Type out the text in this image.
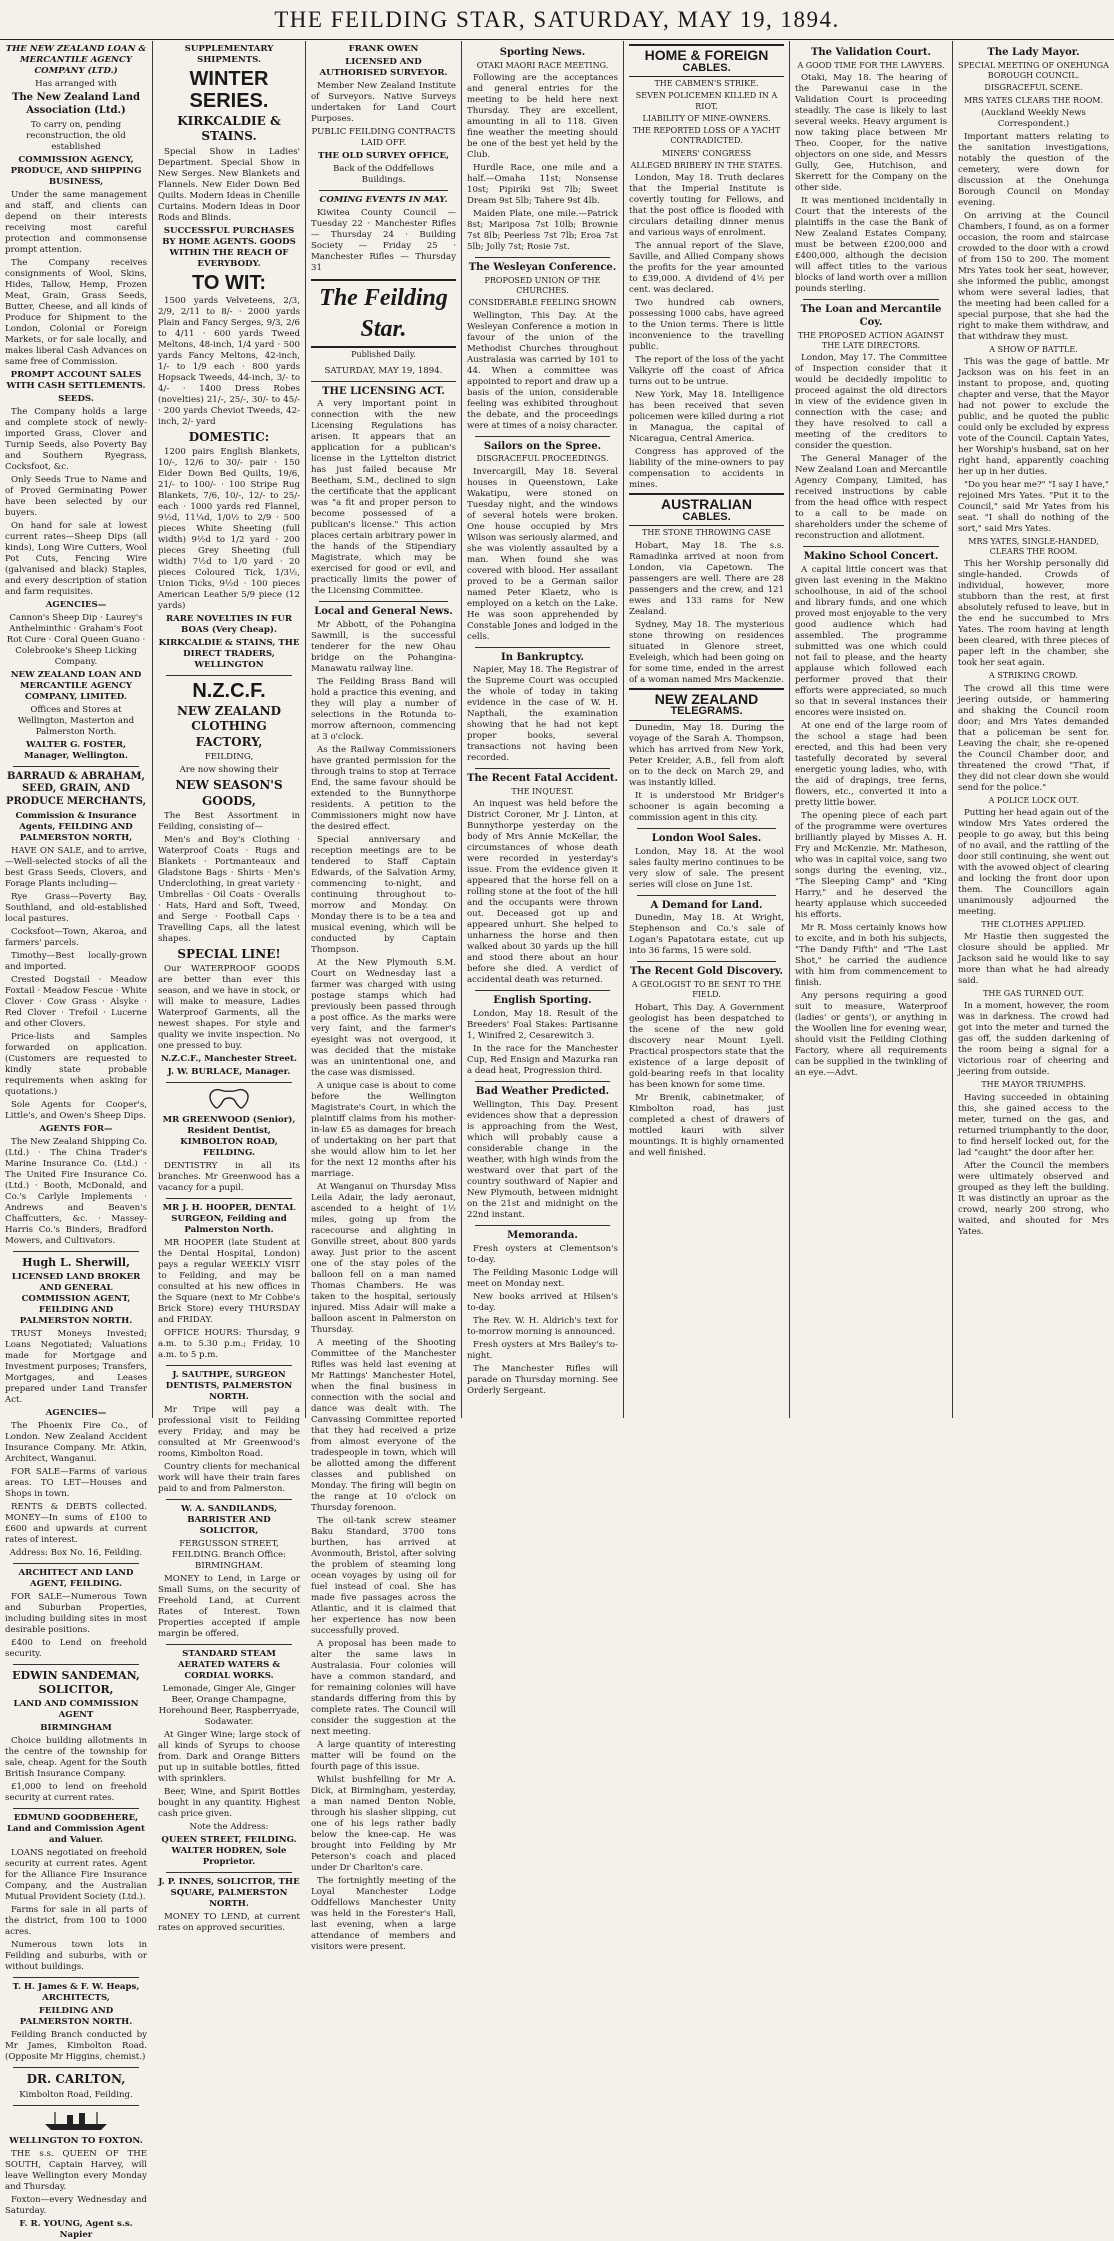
THE FEILDING STAR, SATURDAY, MAY 19, 1894.

THE NEW ZEALAND LOAN & MERCANTILE AGENCY COMPANY (LTD.)

Has arranged with

The New Zealand Land Association (Ltd.)

To carry on, pending reconstruction, the old established

COMMISSION AGENCY, PRODUCE, AND SHIPPING BUSINESS,

Under the same management and staff, and clients can depend on their interests receiving most careful protection and commonsense prompt attention.

The Company receives consignments of Wool, Skins, Hides, Tallow, Hemp, Frozen Meat, Grain, Grass Seeds, Butter, Cheese, and all kinds of Produce for Shipment to the London, Colonial or Foreign Markets, or for sale locally, and makes liberal Cash Advances on same free of Commission.

PROMPT ACCOUNT SALES WITH CASH SETTLEMENTS.

SEEDS.

The Company holds a large and complete stock of newly-imported Grass, Clover and Turnip Seeds, also Poverty Bay and Southern Ryegrass, Cocksfoot, &c.

Only Seeds True to Name and of Proved Germinating Power have been selected by our buyers.

On hand for sale at lowest current rates—Sheep Dips (all kinds), Long Wire Cutters, Wool Pot Cuts, Fencing Wire (galvanised and black) Staples, and every description of station and farm requisites.

AGENCIES—

Cannon's Sheep Dip · Laurey's Anthelminthic · Graham's Foot Rot Cure · Coral Queen Guano · Colebrooke's Sheep Licking Company.

NEW ZEALAND LOAN AND MERCANTILE AGENCY COMPANY, LIMITED.

Offices and Stores at Wellington, Masterton and Palmerston North.

WALTER G. FOSTER, Manager, Wellington.

BARRAUD & ABRAHAM, SEED, GRAIN, AND PRODUCE MERCHANTS,

Commission & Insurance Agents, FEILDING AND PALMERSTON NORTH,

HAVE ON SALE, and to arrive,—Well-selected stocks of all the best Grass Seeds, Clovers, and Forage Plants including—

Rye Grass—Poverty Bay, Southland, and old-established local pastures.

Cocksfoot—Town, Akaroa, and farmers' parcels.

Timothy—Best locally-grown and imported.

Crested Dogstail · Meadow Foxtail · Meadow Fescue · White Clover · Cow Grass · Alsyke · Red Clover · Trefoil · Lucerne and other Clovers.

Price-lists and Samples forwarded on application. (Customers are requested to kindly state probable requirements when asking for quotations.)

Sole Agents for Cooper's, Little's, and Owen's Sheep Dips.

AGENTS FOR—

The New Zealand Shipping Co. (Ltd.) · The China Trader's Marine Insurance Co. (Ltd.) · The United Fire Insurance Co. (Ltd.) · Booth, McDonald, and Co.'s Carlyle Implements · Andrews and Beaven's Chaffcutters, &c. · Massey-Harris Co.'s Binders, Bradford Mowers, and Cultivators.

Hugh L. Sherwill,

LICENSED LAND BROKER AND GENERAL COMMISSION AGENT, FEILDING AND PALMERSTON NORTH.

TRUST Moneys Invested; Loans Negotiated; Valuations made for Mortgage and Investment purposes; Transfers, Mortgages, and Leases prepared under Land Transfer Act.

AGENCIES—

The Phoenix Fire Co., of London. New Zealand Accident Insurance Company. Mr. Atkin, Architect, Wanganui.

FOR SALE—Farms of various areas. TO LET—Houses and Shops in town.

RENTS & DEBTS collected. MONEY—In sums of £100 to £600 and upwards at current rates of interest.

Address: Box No. 16, Feilding.

ARCHITECT AND LAND AGENT, FEILDING.

FOR SALE—Numerous Town and Suburban Properties, including building sites in most desirable positions.

£400 to Lend on freehold security.

EDWIN SANDEMAN, SOLICITOR,

LAND AND COMMISSION AGENT

BIRMINGHAM

Choice building allotments in the centre of the township for sale, cheap. Agent for the South British Insurance Company.

£1,000 to lend on freehold security at current rates.

EDMUND GOODBEHERE, Land and Commission Agent and Valuer.

LOANS negotiated on freehold security at current rates. Agent for the Alliance Fire Insurance Company, and the Australian Mutual Provident Society (Ltd.).

Farms for sale in all parts of the district, from 100 to 1000 acres.

Numerous town lots in Feilding and suburbs, with or without buildings.

T. H. James & F. W. Heaps, ARCHITECTS,

FEILDING AND PALMERSTON NORTH.

Feilding Branch conducted by Mr James, Kimbolton Road. (Opposite Mr Higgins, chemist.)

DR. CARLTON,

Kimbolton Road, Feilding.

WELLINGTON TO FOXTON.

THE s.s. QUEEN OF THE SOUTH, Captain Harvey, will leave Wellington every Monday and Thursday.

Foxton—every Wednesday and Saturday.

F. R. YOUNG, Agent s.s. Napier

SUPPLEMENTARY SHIPMENTS.

WINTER SERIES.

KIRKCALDIE & STAINS.

Special Show in Ladies' Department. Special Show in New Serges. New Blankets and Flannels. New Eider Down Bed Quilts. Modern Ideas in Chenille Curtains. Modern Ideas in Door Rods and Blinds.

SUCCESSFUL PURCHASES BY HOME AGENTS. GOODS WITHIN THE REACH OF EVERYBODY.

TO WIT:

1500 yards Velveteens, 2/3, 2/9, 2/11 to 8/- · 2000 yards Plain and Fancy Serges, 9/3, 2/6 to 4/11 · 600 yards Tweed Meltons, 48-inch, 1/4 yard · 500 yards Fancy Meltons, 42-inch, 1/- to 1/9 each · 800 yards Hopsack Tweeds, 44-inch, 3/- to 4/- · 1400 Dress Robes (novelties) 21/-, 25/-, 30/- to 45/- · 200 yards Cheviot Tweeds, 42-inch, 2/- yard

DOMESTIC:

1200 pairs English Blankets, 10/-, 12/6 to 30/- pair · 150 Eider Down Bed Quilts, 19/6, 21/- to 100/- · 100 Stripe Rug Blankets, 7/6, 10/-, 12/- to 25/- each · 1000 yards red Flannel, 9½d, 11¼d, 1/0½ to 2/9 · 500 pieces White Sheeting (full width) 9½d to 1/2 yard · 200 pieces Grey Sheeting (full width) 7½d to 1/0 yard · 20 pieces Coloured Tick, 1/3½, Union Ticks, 9½d · 100 pieces American Leather 5/9 piece (12 yards)

RARE NOVELTIES IN FUR BOAS (Very Cheap).

KIRKCALDIE & STAINS, THE DIRECT TRADERS, WELLINGTON

N.Z.C.F.

NEW ZEALAND CLOTHING FACTORY,

FEILDING,

Are now showing their

NEW SEASON'S GOODS,

The Best Assortment in Feilding, consisting of—

Men's and Boy's Clothing · Waterproof Coats · Rugs and Blankets · Portmanteaux and Gladstone Bags · Shirts · Men's Underclothing, in great variety · Umbrellas · Oil Coats · Overalls · Hats, Hard and Soft, Tweed, and Serge · Football Caps · Travelling Caps, all the latest shapes.

SPECIAL LINE!

Our WATERPROOF GOODS are better than ever this season, and we have in stock, or will make to measure, Ladies Waterproof Garments, all the newest shapes. For style and quality we invite inspection. No one pressed to buy.

N.Z.C.F., Manchester Street.

J. W. BURLACE, Manager.

MR GREENWOOD (Senior), Resident Dentist, KIMBOLTON ROAD, FEILDING.

DENTISTRY in all its branches. Mr Greenwood has a vacancy for a pupil.

MR J. H. HOOPER, DENTAL SURGEON, Feilding and Palmerston North.

MR HOOPER (late Student at the Dental Hospital, London) pays a regular WEEKLY VISIT to Feilding, and may be consulted at his new offices in the Square (next to Mr Cobbe's Brick Store) every THURSDAY and FRIDAY.

OFFICE HOURS: Thursday, 9 a.m. to 5.30 p.m.; Friday, 10 a.m. to 5 p.m.

J. SAUTHPE, SURGEON DENTISTS, PALMERSTON NORTH.

Mr Tripe will pay a professional visit to Feilding every Friday, and may be consulted at Mr Greenwood's rooms, Kimbolton Road.

Country clients for mechanical work will have their train fares paid to and from Palmerston.

W. A. SANDILANDS, BARRISTER AND SOLICITOR,

FERGUSSON STREET, FEILDING. Branch Office: BIRMINGHAM.

MONEY to Lend, in Large or Small Sums, on the security of Freehold Land, at Current Rates of Interest. Town Properties accepted if ample margin be offered.

STANDARD STEAM AERATED WATERS & CORDIAL WORKS.

Lemonade, Ginger Ale, Ginger Beer, Orange Champagne, Horehound Beer, Raspberryade, Sodawater.

At Ginger Wine; large stock of all kinds of Syrups to choose from. Dark and Orange Bitters put up in suitable bottles, fitted with sprinklers.

Beer, Wine, and Spirit Bottles bought in any quantity. Highest cash price given.

Note the Address:

QUEEN STREET, FEILDING. WALTER HODREN, Sole Proprietor.

J. P. INNES, SOLICITOR, THE SQUARE, PALMERSTON NORTH.

MONEY TO LEND, at current rates on approved securities.

FRANK OWEN

LICENSED AND AUTHORISED SURVEYOR.

Member New Zealand Institute of Surveyors. Native Surveys undertaken for Land Court Purposes.

PUBLIC FEILDING CONTRACTS LAID OFF.

THE OLD SURVEY OFFICE,

Back of the Oddfellows Buildings.

COMING EVENTS IN MAY.

Kiwitea County Council — Tuesday 22 · Manchester Rifles — Thursday 24 · Building Society — Friday 25 · Manchester Rifles — Thursday 31

The Feilding Star.
Published Daily.

SATURDAY, MAY 19, 1894.

THE LICENSING ACT.

A very important point in connection with the new Licensing Regulations has arisen. It appears that an application for a publican's license in the Lyttelton district has just failed because Mr Beetham, S.M., declined to sign the certificate that the applicant was "a fit and proper person to become possessed of a publican's license." This action places certain arbitrary power in the hands of the Stipendiary Magistrate, which may be exercised for good or evil, and practically limits the power of the Licensing Committee.

Local and General News.

Mr Abbott, of the Pohangina Sawmill, is the successful tenderer for the new Ohau bridge on the Pohangina-Manawatu railway line.

The Feilding Brass Band will hold a practice this evening, and they will play a number of selections in the Rotunda to-morrow afternoon, commencing at 3 o'clock.

As the Railway Commissioners have granted permission for the through trains to stop at Terrace End, the same favour should be extended to the Bunnythorpe residents. A petition to the Commissioners might now have the desired effect.

Special anniversary and reception meetings are to be tendered to Staff Captain Edwards, of the Salvation Army, commencing to-night, and continuing throughout to-morrow and Monday. On Monday there is to be a tea and musical evening, which will be conducted by Captain Thompson.

At the New Plymouth S.M. Court on Wednesday last a farmer was charged with using postage stamps which had previously been passed through a post office. As the marks were very faint, and the farmer's eyesight was not overgood, it was decided that the mistake was an unintentional one, and the case was dismissed.

A unique case is about to come before the Wellington Magistrate's Court, in which the plaintiff claims from his mother-in-law £5 as damages for breach of undertaking on her part that she would allow him to let her for the next 12 months after his marriage.

At Wanganui on Thursday Miss Leila Adair, the lady aeronaut, ascended to a height of 1½ miles, going up from the racecourse and alighting in Gonville street, about 800 yards away. Just prior to the ascent one of the stay poles of the balloon fell on a man named Thomas Chambers. He was taken to the hospital, seriously injured. Miss Adair will make a balloon ascent in Palmerston on Thursday.

A meeting of the Shooting Committee of the Manchester Rifles was held last evening at Mr Rattings' Manchester Hotel, when the final business in connection with the social and dance was dealt with. The Canvassing Committee reported that they had received a prize from almost everyone of the tradespeople in town, which will be allotted among the different classes and published on Monday. The firing will begin on the range at 10 o'clock on Thursday forenoon.

The oil-tank screw steamer Baku Standard, 3700 tons burthen, has arrived at Avonmouth, Bristol, after solving the problem of steaming long ocean voyages by using oil for fuel instead of coal. She has made five passages across the Atlantic, and it is claimed that her experience has now been successfully proved.

A proposal has been made to alter the same laws in Australasia. Four colonies will have a common standard, and for remaining colonies will have standards differing from this by complete rates. The Council will consider the suggestion at the next meeting.

A large quantity of interesting matter will be found on the fourth page of this issue.

Whilst bushfelling for Mr A. Dick, at Birmingham, yesterday, a man named Denton Noble, through his slasher slipping, cut one of his legs rather badly below the knee-cap. He was brought into Feilding by Mr Peterson's coach and placed under Dr Charlton's care.

The fortnightly meeting of the Loyal Manchester Lodge Oddfellows Manchester Unity was held in the Forester's Hall, last evening, when a large attendance of members and visitors were present.

Sporting News.

OTAKI MAORI RACE MEETING.

Following are the acceptances and general entries for the meeting to be held here next Thursday. They are excellent, amounting in all to 118. Given fine weather the meeting should be one of the best yet held by the Club.

Hurdle Race, one mile and a half.—Omaha 11st; Nonsense 10st; Pipiriki 9st 7lb; Sweet Dream 9st 5lb; Tahere 9st 4lb.

Maiden Plate, one mile.—Patrick 8st; Mariposa 7st 10lb; Brownie 7st 8lb; Peerless 7st 7lb; Eroa 7st 5lb; Jolly 7st; Rosie 7st.

The Wesleyan Conference.

PROPOSED UNION OF THE CHURCHES.

CONSIDERABLE FEELING SHOWN

Wellington, This Day. At the Wesleyan Conference a motion in favour of the union of the Methodist Churches throughout Australasia was carried by 101 to 44. When a committee was appointed to report and draw up a basis of the union, considerable feeling was exhibited throughout the debate, and the proceedings were at times of a noisy character.

Sailors on the Spree.

DISGRACEFUL PROCEEDINGS.

Invercargill, May 18. Several houses in Queenstown, Lake Wakatipu, were stoned on Tuesday night, and the windows of several hotels were broken. One house occupied by Mrs Wilson was seriously alarmed, and she was violently assaulted by a man. When found she was covered with blood. Her assailant proved to be a German sailor named Peter Klaetz, who is employed on a ketch on the Lake. He was soon apprehended by Constable Jones and lodged in the cells.

In Bankruptcy.

Napier, May 18. The Registrar of the Supreme Court was occupied the whole of today in taking evidence in the case of W. H. Napthali, the examination showing that he had not kept proper books, several transactions not having been recorded.

The Recent Fatal Accident.

THE INQUEST.

An inquest was held before the District Coroner, Mr J. Linton, at Bunnythorpe yesterday on the body of Mrs Annie McKellar, the circumstances of whose death were recorded in yesterday's issue. From the evidence given it appeared that the horse fell on a rolling stone at the foot of the hill and the occupants were thrown out. Deceased got up and appeared unhurt. She helped to unharness the horse and then walked about 30 yards up the hill and stood there about an hour before she died. A verdict of accidental death was returned.

English Sporting.

London, May 18. Result of the Breeders' Foal Stakes: Partisanne 1, Winifred 2, Cesarewitch 3.

In the race for the Manchester Cup, Red Ensign and Mazurka ran a dead heat, Progression third.

Bad Weather Predicted.

Wellington, This Day. Present evidences show that a depression is approaching from the West, which will probably cause a considerable change in the weather, with high winds from the westward over that part of the country southward of Napier and New Plymouth, between midnight on the 21st and midnight on the 22nd instant.

Memoranda.

Fresh oysters at Clementson's to-day.

The Feilding Masonic Lodge will meet on Monday next.

New books arrived at Hilsen's to-day.

The Rev. W. H. Aldrich's text for to-morrow morning is announced.

Fresh oysters at Mrs Bailey's to-night.

The Manchester Rifles will parade on Thursday morning. See Orderly Sergeant.

HOME & FOREIGN
CABLES.

THE CABMEN'S STRIKE.

SEVEN POLICEMEN KILLED IN A RIOT.

LIABILITY OF MINE-OWNERS.

THE REPORTED LOSS OF A YACHT CONTRADICTED.

MINERS' CONGRESS

ALLEGED BRIBERY IN THE STATES.

London, May 18. Truth declares that the Imperial Institute is covertly touting for Fellows, and that the post office is flooded with circulars detailing dinner menus and various ways of enrolment.

The annual report of the Slave, Saville, and Allied Company shows the profits for the year amounted to £39,000. A dividend of 4½ per cent. was declared.

Two hundred cab owners, possessing 1000 cabs, have agreed to the Union terms. There is little inconvenience to the travelling public.

The report of the loss of the yacht Valkyrie off the coast of Africa turns out to be untrue.

New York, May 18. Intelligence has been received that seven policemen were killed during a riot in Managua, the capital of Nicaragua, Central America.

Congress has approved of the liability of the mine-owners to pay compensation to accidents in mines.

AUSTRALIAN
CABLES.

THE STONE THROWING CASE

Hobart, May 18. The s.s. Ramadinka arrived at noon from London, via Capetown. The passengers are well. There are 28 passengers and the crew, and 121 ewes and 133 rams for New Zealand.

Sydney, May 18. The mysterious stone throwing on residences situated in Glenore street, Eveleigh, which had been going on for some time, ended in the arrest of a woman named Mrs Mackenzie.

NEW ZEALAND
TELEGRAMS.

Dunedin, May 18. During the voyage of the Sarah A. Thompson, which has arrived from New York, Peter Kreider, A.B., fell from aloft on to the deck on March 29, and was instantly killed.

It is understood Mr Bridger's schooner is again becoming a commission agent in this city.

London Wool Sales.

London, May 18. At the wool sales faulty merino continues to be very slow of sale. The present series will close on June 1st.

A Demand for Land.

Dunedin, May 18. At Wright, Stephenson and Co.'s sale of Logan's Papatotara estate, cut up into 36 farms, 15 were sold.

The Recent Gold Discovery.

A GEOLOGIST TO BE SENT TO THE FIELD.

Hobart, This Day. A Government geologist has been despatched to the scene of the new gold discovery near Mount Lyell. Practical prospectors state that the existence of a large deposit of gold-bearing reefs in that locality has been known for some time.

Mr Brenik, cabinetmaker, of Kimbolton road, has just completed a chest of drawers of mottled kauri with silver mountings. It is highly ornamented and well finished.

The Validation Court.

A GOOD TIME FOR THE LAWYERS.

Otaki, May 18. The hearing of the Parewanui case in the Validation Court is proceeding steadily. The case is likely to last several weeks. Heavy argument is now taking place between Mr Theo. Cooper, for the native objectors on one side, and Messrs Gully, Gee, Hutchison, and Skerrett for the Company on the other side.

It was mentioned incidentally in Court that the interests of the plaintiffs in the case the Bank of New Zealand Estates Company, must be between £200,000 and £400,000, although the decision will affect titles to the various blocks of land worth over a million pounds sterling.

The Loan and Mercantile Coy.

THE PROPOSED ACTION AGAINST THE LATE DIRECTORS.

London, May 17. The Committee of Inspection consider that it would be decidedly impolitic to proceed against the old directors in view of the evidence given in connection with the case; and they have resolved to call a meeting of the creditors to consider the question.

The General Manager of the New Zealand Loan and Mercantile Agency Company, Limited, has received instructions by cable from the head office with respect to a call to be made on shareholders under the scheme of reconstruction and allotment.

Makino School Concert.

A capital little concert was that given last evening in the Makino schoolhouse, in aid of the school and library funds, and one which proved most enjoyable to the very good audience which had assembled. The programme submitted was one which could not fail to please, and the hearty applause which followed each performer proved that their efforts were appreciated, so much so that in several instances their encores were insisted on.

At one end of the large room of the school a stage had been erected, and this had been very tastefully decorated by several energetic young ladies, who, with the aid of drapings, tree ferns, flowers, etc., converted it into a pretty little bower.

The opening piece of each part of the programme were overtures brilliantly played by Misses A. H. Fry and McKenzie. Mr. Matheson, who was in capital voice, sang two songs during the evening, viz., "The Sleeping Camp" and "King Harry," and he deserved the hearty applause which succeeded his efforts.

Mr R. Moss certainly knows how to excite, and in both his subjects, "The Dandy Fifth" and "The Last Shot," he carried the audience with him from commencement to finish.

Any persons requiring a good suit to measure, Waterproof (ladies' or gents'), or anything in the Woollen line for evening wear, should visit the Feilding Clothing Factory, where all requirements can be supplied in the twinkling of an eye.—Advt.

The Lady Mayor.

SPECIAL MEETING OF ONEHUNGA BOROUGH COUNCIL.

DISGRACEFUL SCENE.

MRS YATES CLEARS THE ROOM.

(Auckland Weekly News Correspondent.)

Important matters relating to the sanitation investigations, notably the question of the cemetery, were down for discussion at the Onehunga Borough Council on Monday evening.

On arriving at the Council Chambers, I found, as on a former occasion, the room and staircase crowded to the door with a crowd of from 150 to 200. The moment Mrs Yates took her seat, however, she informed the public, amongst whom were several ladies, that the meeting had been called for a special purpose, that she had the right to make them withdraw, and that withdraw they must.

A SHOW OF BATTLE.

This was the gage of battle. Mr Jackson was on his feet in an instant to propose, and, quoting chapter and verse, that the Mayor had not power to exclude the public, and he quoted the public could only be excluded by express vote of the Council. Captain Yates, her Worship's husband, sat on her right hand, apparently coaching her up in her duties.

"Do you hear me?" "I say I have," rejoined Mrs Yates. "Put it to the Council," said Mr Yates from his seat. "I shall do nothing of the sort," said Mrs Yates.

MRS YATES, SINGLE-HANDED, CLEARS THE ROOM.

This her Worship personally did single-handed. Crowds of individual, however, more stubborn than the rest, at first absolutely refused to leave, but in the end he succumbed to Mrs Yates. The room having at length been cleared, with three pieces of paper left in the chamber, she took her seat again.

A STRIKING CROWD.

The crowd all this time were jeering outside, or hammering and shaking the Council room door; and Mrs Yates demanded that a policeman be sent for. Leaving the chair, she re-opened the Council Chamber door, and threatened the crowd "That, if they did not clear down she would send for the police."

A POLICE LOCK OUT.

Putting her head again out of the window Mrs Yates ordered the people to go away, but this being of no avail, and the rattling of the door still continuing, she went out with the avowed object of clearing and locking the front door upon them. The Councillors again unanimously adjourned the meeting.

THE CLOTHES APPLIED.

Mr Hastie then suggested the closure should be applied. Mr Jackson said he would like to say more than what he had already said.

THE GAS TURNED OUT.

In a moment, however, the room was in darkness. The crowd had got into the meter and turned the gas off, the sudden darkening of the room being a signal for a victorious roar of cheering and jeering from outside.

THE MAYOR TRIUMPHS.

Having succeeded in obtaining this, she gained access to the meter, turned on the gas, and returned triumphantly to the door, to find herself locked out, for the lad "caught" the door after her.

After the Council the members were ultimately observed and grouped as they left the building. It was distinctly an uproar as the crowd, nearly 200 strong, who waited, and shouted for Mrs Yates.
